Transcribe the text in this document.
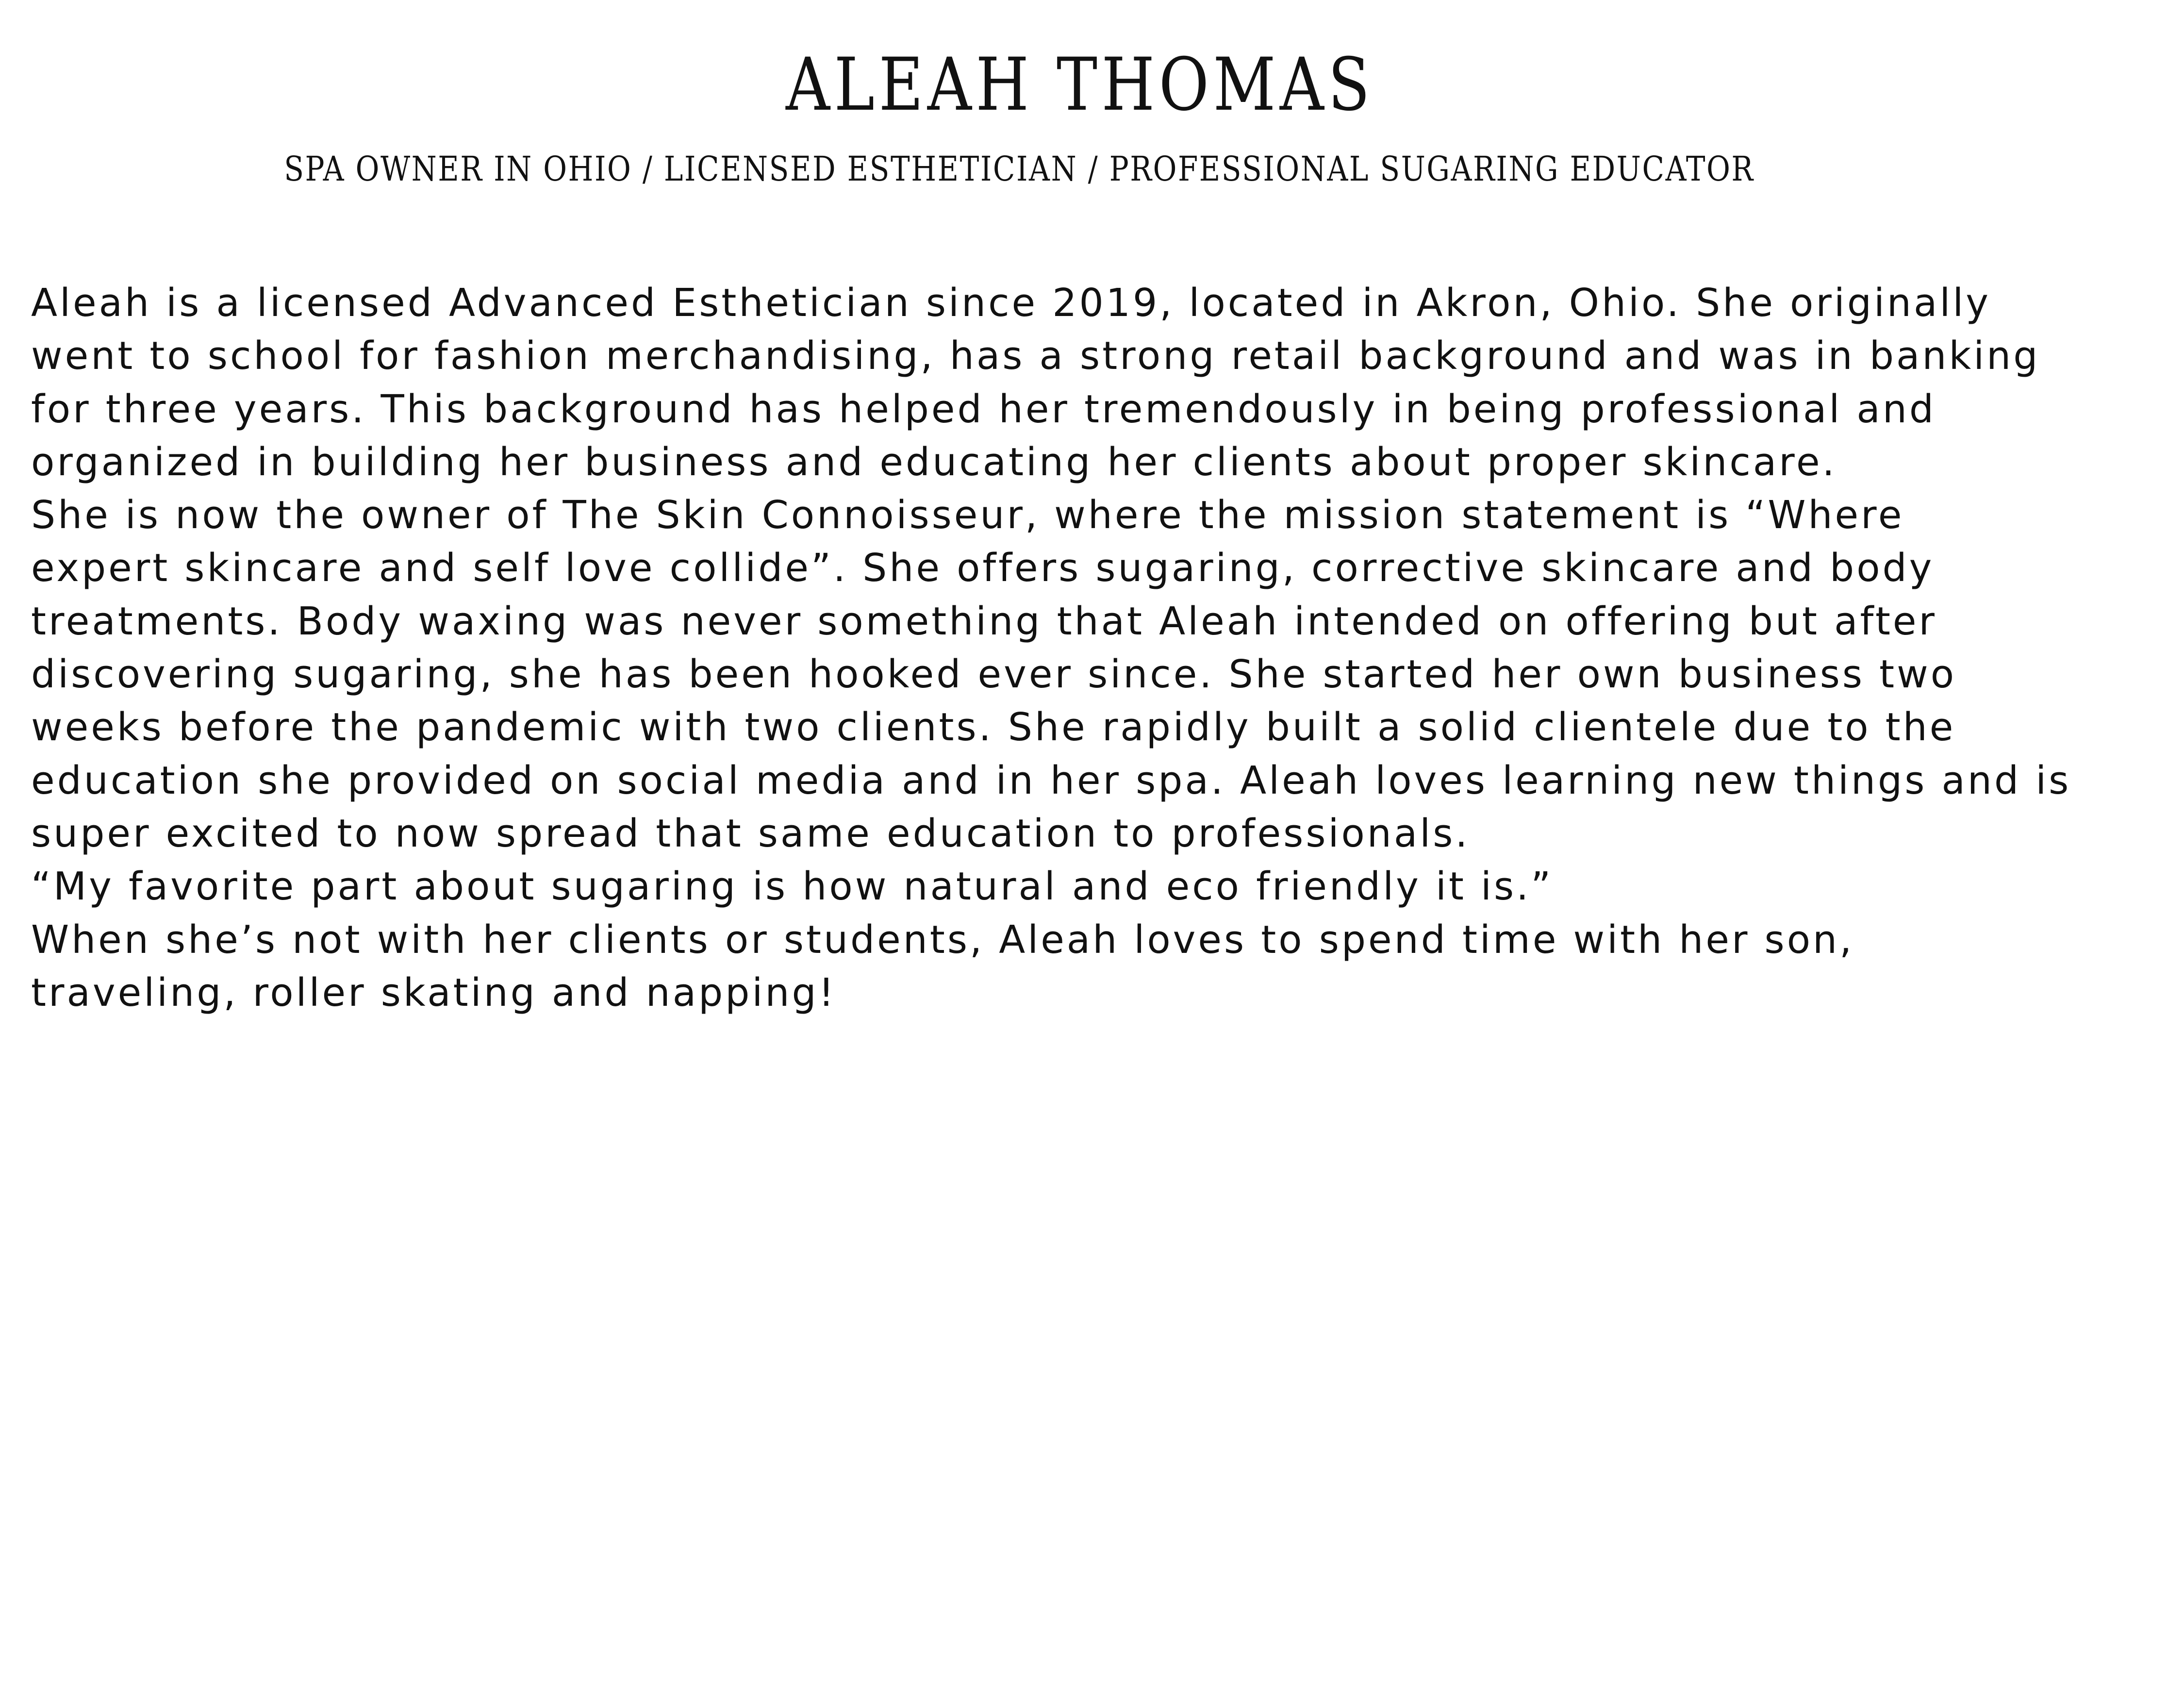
ALEAH THOMAS
SPA OWNER IN OHIO / LICENSED ESTHETICIAN / PROFESSIONAL SUGARING EDUCATOR
Aleah is a licensed Advanced Esthetician since 2019, located in Akron, Ohio. She originally
went to school for fashion merchandising, has a strong retail background and was in banking
for three years. This background has helped her tremendously in being professional and
organized in building her business and educating her clients about proper skincare.
She is now the owner of The Skin Connoisseur, where the mission statement is “Where
expert skincare and self love collide”. She offers sugaring, corrective skincare and body
treatments. Body waxing was never something that Aleah intended on offering but after
discovering sugaring, she has been hooked ever since. She started her own business two
weeks before the pandemic with two clients. She rapidly built a solid clientele due to the
education she provided on social media and in her spa. Aleah loves learning new things and is
super excited to now spread that same education to professionals.
“My favorite part about sugaring is how natural and eco friendly it is.”
When she’s not with her clients or students, Aleah loves to spend time with her son,
traveling, roller skating and napping!
